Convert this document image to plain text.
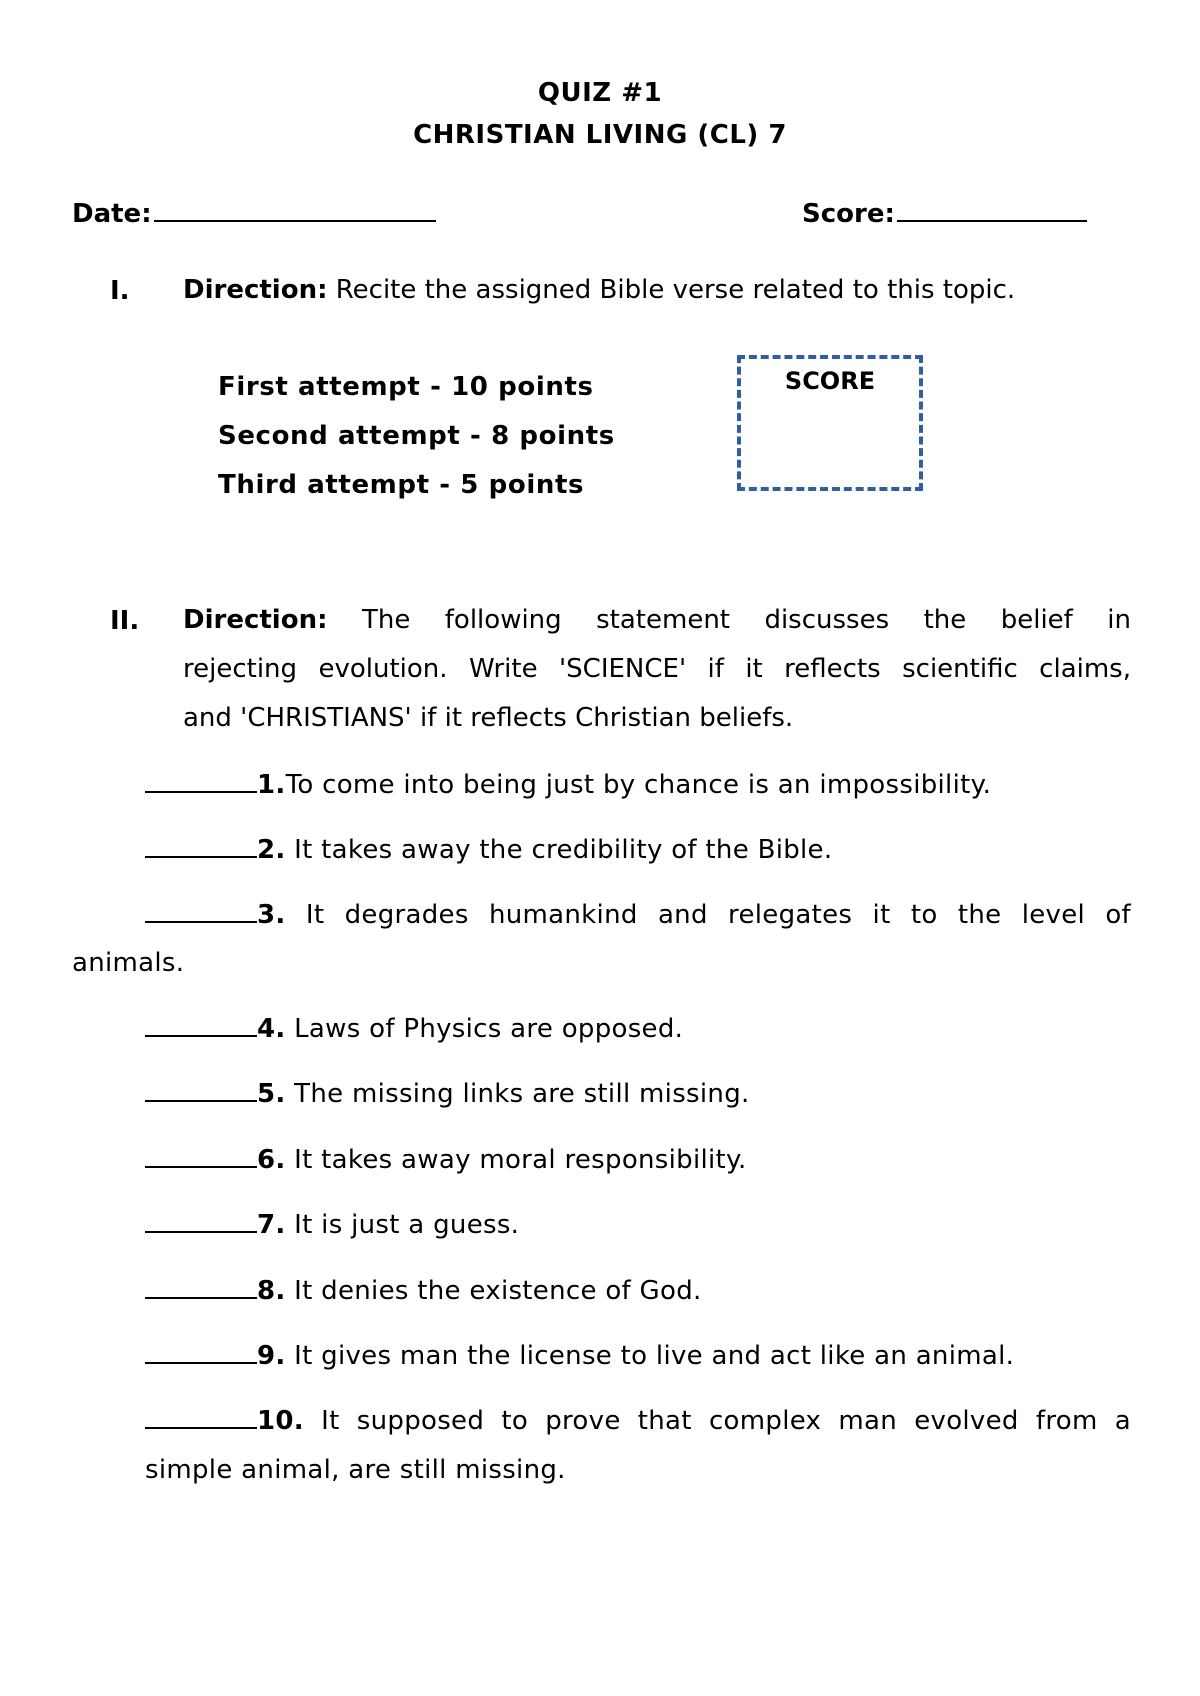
QUIZ #1
CHRISTIAN LIVING (CL) 7
Date:	Score:
I. Direction: Recite the assigned Bible verse related to this topic.
First attempt - 10 points
Second attempt - 8 points
Third attempt - 5 points
SCORE
II. Direction: The following statement discusses the belief in
rejecting evolution. Write 'SCIENCE' if it reflects scientific claims,
and 'CHRISTIANS' if it reflects Christian beliefs.
1.To come into being just by chance is an impossibility.
2. It takes away the credibility of the Bible.
3. It degrades humankind and relegates it to the level of
animals.
4. Laws of Physics are opposed.
5. The missing links are still missing.
6. It takes away moral responsibility.
7. It is just a guess.
8. It denies the existence of God.
9. It gives man the license to live and act like an animal.
10. It supposed to prove that complex man evolved from a
simple animal, are still missing.
